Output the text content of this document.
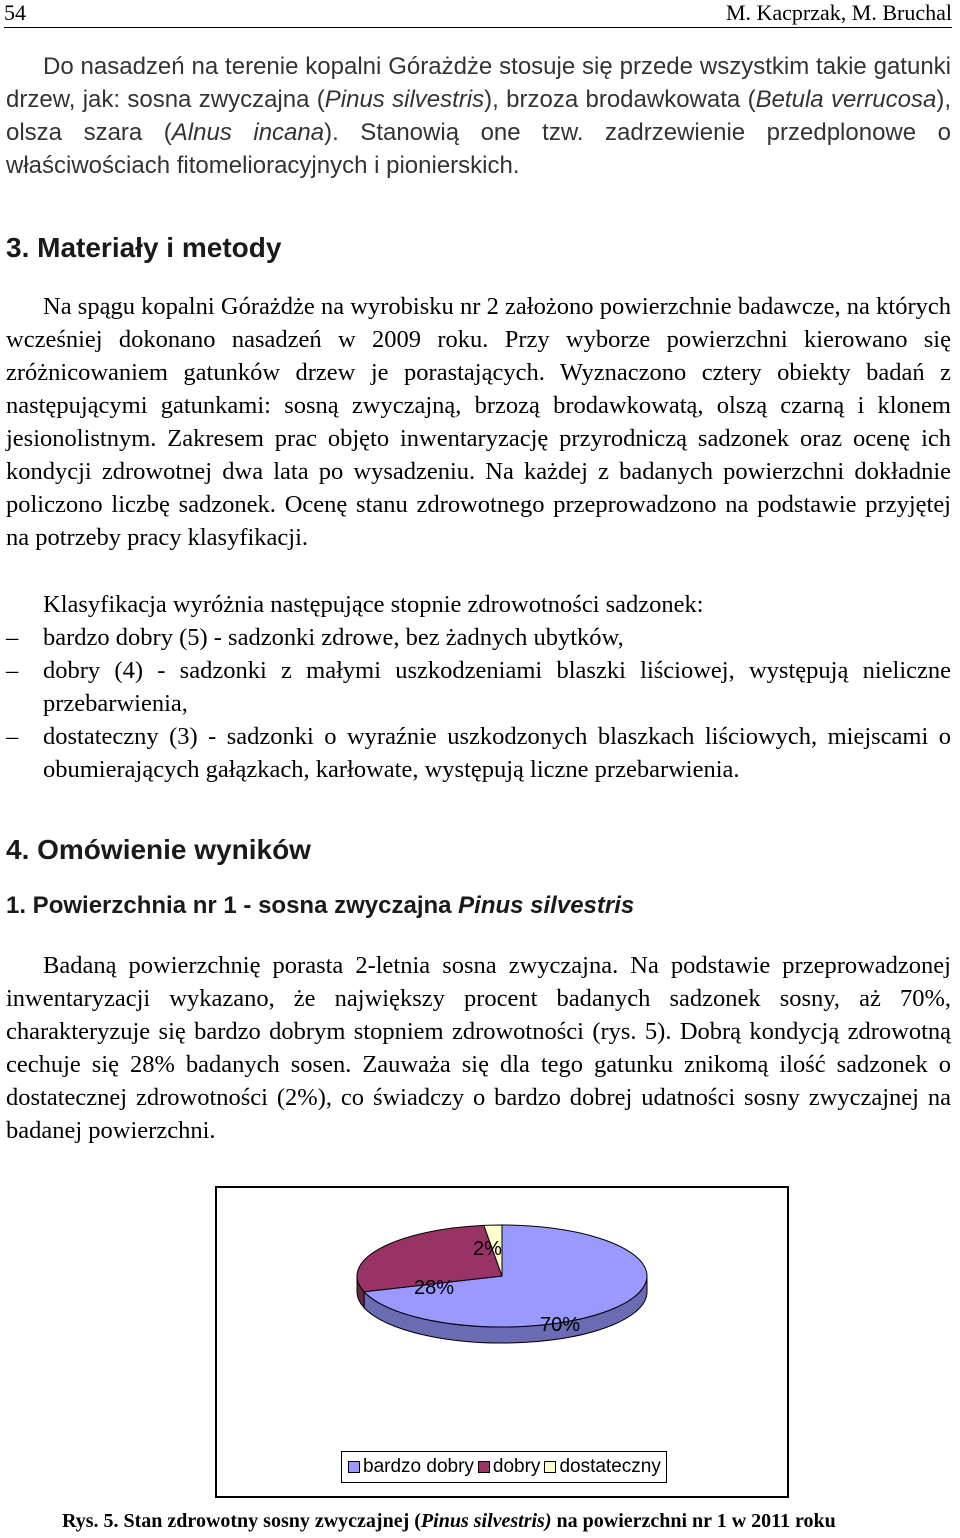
54	M. Kacprzak, M. Bruchal

Do nasadzeń na terenie kopalni Górażdże stosuje się przede wszystkim takie gatunki drzew, jak: sosna zwyczajna (Pinus silvestris), brzoza brodawkowata (Betula verrucosa), olsza szara (Alnus incana). Stanowią one tzw. zadrzewienie przedplonowe o właściwościach fitomelioracyjnych i pionierskich.

3. Materiały i metody

Na spągu kopalni Górażdże na wyrobisku nr 2 założono powierzchnie badawcze, na których wcześniej dokonano nasadzeń w 2009 roku. Przy wyborze powierzchni kierowano się zróżnicowaniem gatunków drzew je porastających. Wyznaczono cztery obiekty badań z następującymi gatunkami: sosną zwyczajną, brzozą brodawkowatą, olszą czarną i klonem jesionolistnym. Zakresem prac objęto inwentaryzację przyrodniczą sadzonek oraz ocenę ich kondycji zdrowotnej dwa lata po wysadzeniu. Na każdej z badanych powierzchni dokładnie policzono liczbę sadzonek. Ocenę stanu zdrowotnego przeprowadzono na podstawie przyjętej na potrzeby pracy klasyfikacji.

Klasyfikacja wyróżnia następujące stopnie zdrowotności sadzonek:

– bardzo dobry (5) - sadzonki zdrowe, bez żadnych ubytków,
– dobry (4) - sadzonki z małymi uszkodzeniami blaszki liściowej, występują nieliczne przebarwienia,
– dostateczny (3) - sadzonki o wyraźnie uszkodzonych blaszkach liściowych, miejscami o obumierających gałązkach, karłowate, występują liczne przebarwienia.
4. Omówienie wyników
1. Powierzchnia nr 1 - sosna zwyczajna Pinus silvestris

Badaną powierzchnię porasta 2-letnia sosna zwyczajna. Na podstawie przeprowadzonej inwentaryzacji wykazano, że największy procent badanych sadzonek sosny, aż 70%, charakteryzuje się bardzo dobrym stopniem zdrowotności (rys. 5). Dobrą kondycją zdrowotną cechuje się 28% badanych sosen. Zauważa się dla tego gatunku znikomą ilość sadzonek o dostatecznej zdrowotności (2%), co świadczy o bardzo dobrej udatności sosny zwyczajnej na badanej powierzchni.

70%
28%
2%
bardzo dobry dobry dostateczny
Rys. 5. Stan zdrowotny sosny zwyczajnej (Pinus silvestris) na powierzchni nr 1 w 2011 roku
